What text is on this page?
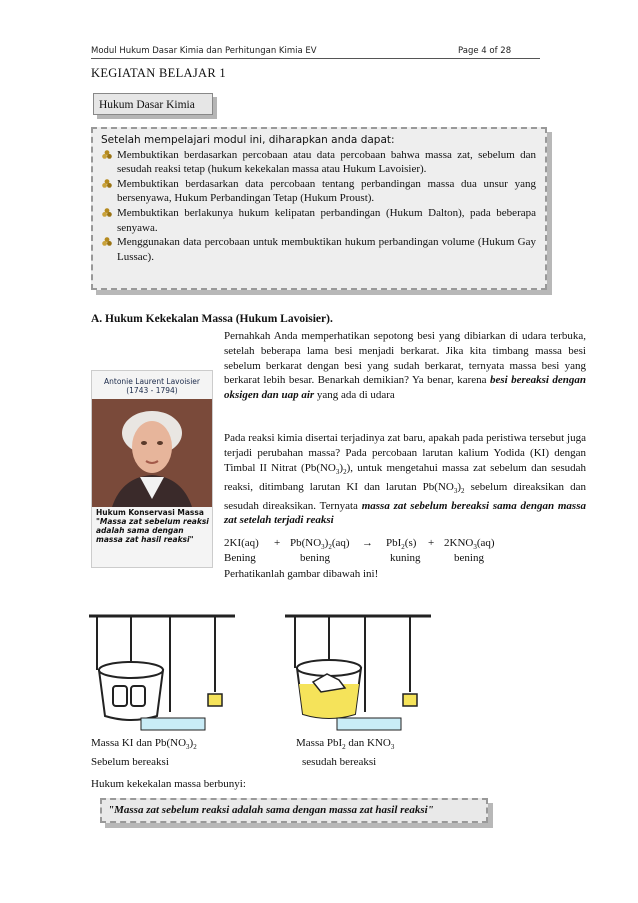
Modul Hukum Dasar Kimia dan Perhitungan Kimia EV	Page 4 of 28
KEGIATAN BELAJAR 1
Hukum Dasar Kimia
Setelah mempelajari modul ini, diharapkan anda dapat:
Membuktikan berdasarkan percobaan atau data percobaan bahwa massa zat, sebelum dan sesudah reaksi tetap (hukum kekekalan massa atau Hukum Lavoisier).
Membuktikan berdasarkan data percobaan tentang perbandingan massa dua unsur yang bersenyawa, Hukum Perbandingan Tetap (Hukum Proust).
Membuktikan berlakunya hukum kelipatan perbandingan (Hukum Dalton), pada beberapa senyawa.
Menggunakan data percobaan untuk membuktikan hukum perbandingan volume (Hukum Gay Lussac).
A. Hukum Kekekalan Massa (Hukum Lavoisier).
Antonie Laurent Lavoisier
(1743 - 1794)
Hukum Konservasi Massa
"Massa zat sebelum reaksi adalah sama dengan massa zat hasil reaksi"
Pernahkah Anda memperhatikan sepotong besi yang dibiarkan di udara terbuka, setelah beberapa lama besi menjadi berkarat. Jika kita timbang massa besi sebelum berkarat dengan besi yang sudah berkarat, ternyata massa besi yang berkarat lebih besar. Benarkah demikian? Ya benar, karena besi bereaksi dengan oksigen dan uap air yang ada di udara
Pada reaksi kimia disertai terjadinya zat baru, apakah pada peristiwa tersebut juga terjadi perubahan massa? Pada percobaan larutan kalium Yodida (KI) dengan Timbal II Nitrat $(Pb(NO_3)_2)$, untuk mengetahui massa zat sebelum dan sesudah reaksi, ditimbang larutan KI dan larutan $Pb(NO_3)_2$ sebelum direaksikan dan sesudah direaksikan. Ternyata massa zat sebelum bereaksi sama dengan massa zat setelah terjadi reaksi
$2KI(aq) + Pb(NO_3)_2(aq) \to PbI_2(s) + 2KNO_3(aq)$
Bening	bening	kuning	bening
Perhatikanlah gambar dibawah ini!
Massa KI dan $Pb(NO_3)_2$
Sebelum bereaksi
Massa PbI$_2$ dan $KNO_3$
sesudah bereaksi
Hukum kekekalan massa berbunyi:
"Massa zat sebelum reaksi adalah sama dengan massa zat hasil reaksi"
